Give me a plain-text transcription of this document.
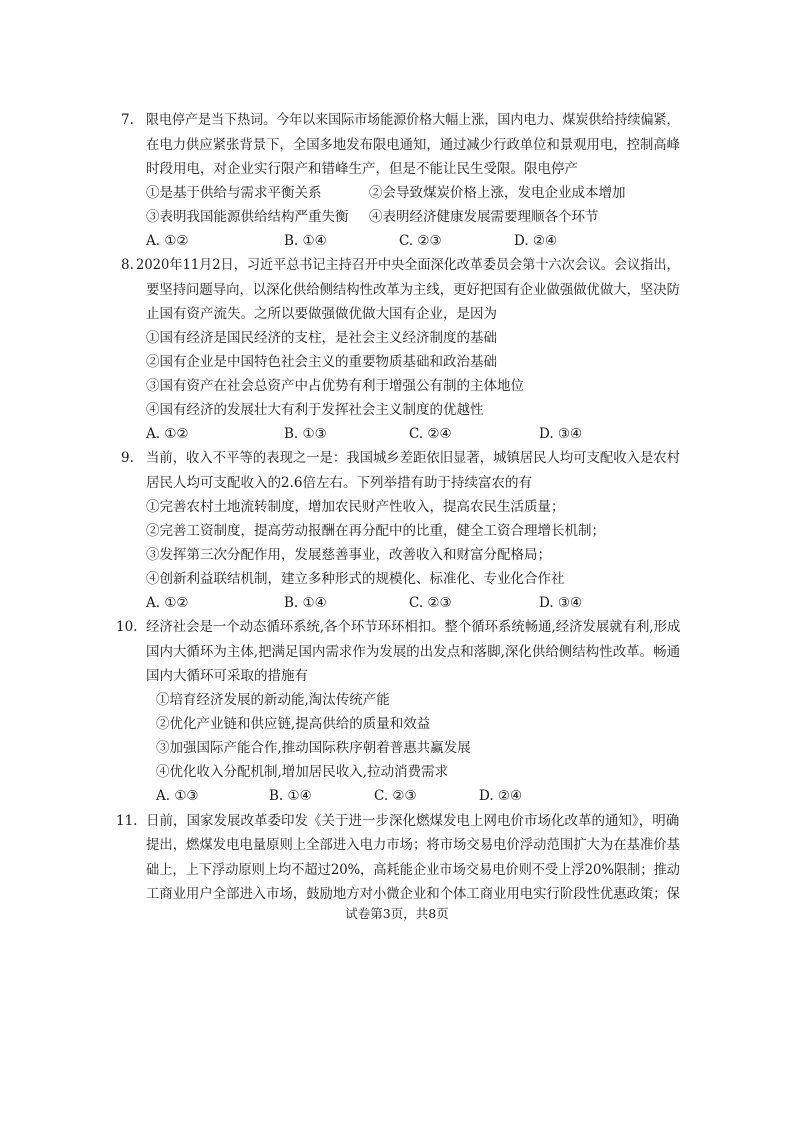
7. 限电停产是当下热词。今年以来国际市场能源价格大幅上涨，国内电力、煤炭供给持续偏紧，
在电力供应紧张背景下，全国多地发布限电通知，通过减少行政单位和景观用电，控制高峰
时段用电，对企业实行限产和错峰生产，但是不能让民生受限。限电停产
①是基于供给与需求平衡关系	②会导致煤炭价格上涨，发电企业成本增加
③表明我国能源供给结构严重失衡 ④表明经济健康发展需要理顺各个环节
A. ①②	B. ①④	C. ②③	D. ②④
8. 2020年11月2日，习近平总书记主持召开中央全面深化改革委员会第十六次会议。会议指出，
要坚持问题导向，以深化供给侧结构性改革为主线，更好把国有企业做强做优做大，坚决防
止国有资产流失。之所以要做强做优做大国有企业，是因为
①国有经济是国民经济的支柱，是社会主义经济制度的基础
②国有企业是中国特色社会主义的重要物质基础和政治基础
③国有资产在社会总资产中占优势有利于增强公有制的主体地位
④国有经济的发展壮大有利于发挥社会主义制度的优越性
A. ①②	B. ①③	C. ②④	D. ③④
9. 当前，收入不平等的表现之一是：我国城乡差距依旧显著，城镇居民人均可支配收入是农村
居民人均可支配收入的2.6倍左右。下列举措有助于持续富农的有
①完善农村土地流转制度，增加农民财产性收入，提高农民生活质量；
②完善工资制度，提高劳动报酬在再分配中的比重，健全工资合理增长机制；
③发挥第三次分配作用，发展慈善事业，改善收入和财富分配格局；
④创新利益联结机制，建立多种形式的规模化、标准化、专业化合作社
A. ①②	B. ①④	C. ②③	D. ③④
10. 经济社会是一个动态循环系统,各个环节环环相扣。整个循环系统畅通,经济发展就有利,形成
国内大循环为主体,把满足国内需求作为发展的出发点和落脚,深化供给侧结构性改革。畅通
国内大循环可采取的措施有
①培育经济发展的新动能,淘汰传统产能
②优化产业链和供应链,提高供给的质量和效益
③加强国际产能合作,推动国际秩序朝着普惠共赢发展
④优化收入分配机制,增加居民收入,拉动消费需求
A. ①③	B. ①④	C. ②③	D. ②④
11. 日前，国家发展改革委印发《关于进一步深化燃煤发电上网电价市场化改革的通知》，明确
提出，燃煤发电电量原则上全部进入电力市场；将市场交易电价浮动范围扩大为在基准价基
础上，上下浮动原则上均不超过20%，高耗能企业市场交易电价则不受上浮20%限制；推动
工商业用户全部进入市场，鼓励地方对小微企业和个体工商业用电实行阶段性优惠政策；保
试卷第3页，共8页
